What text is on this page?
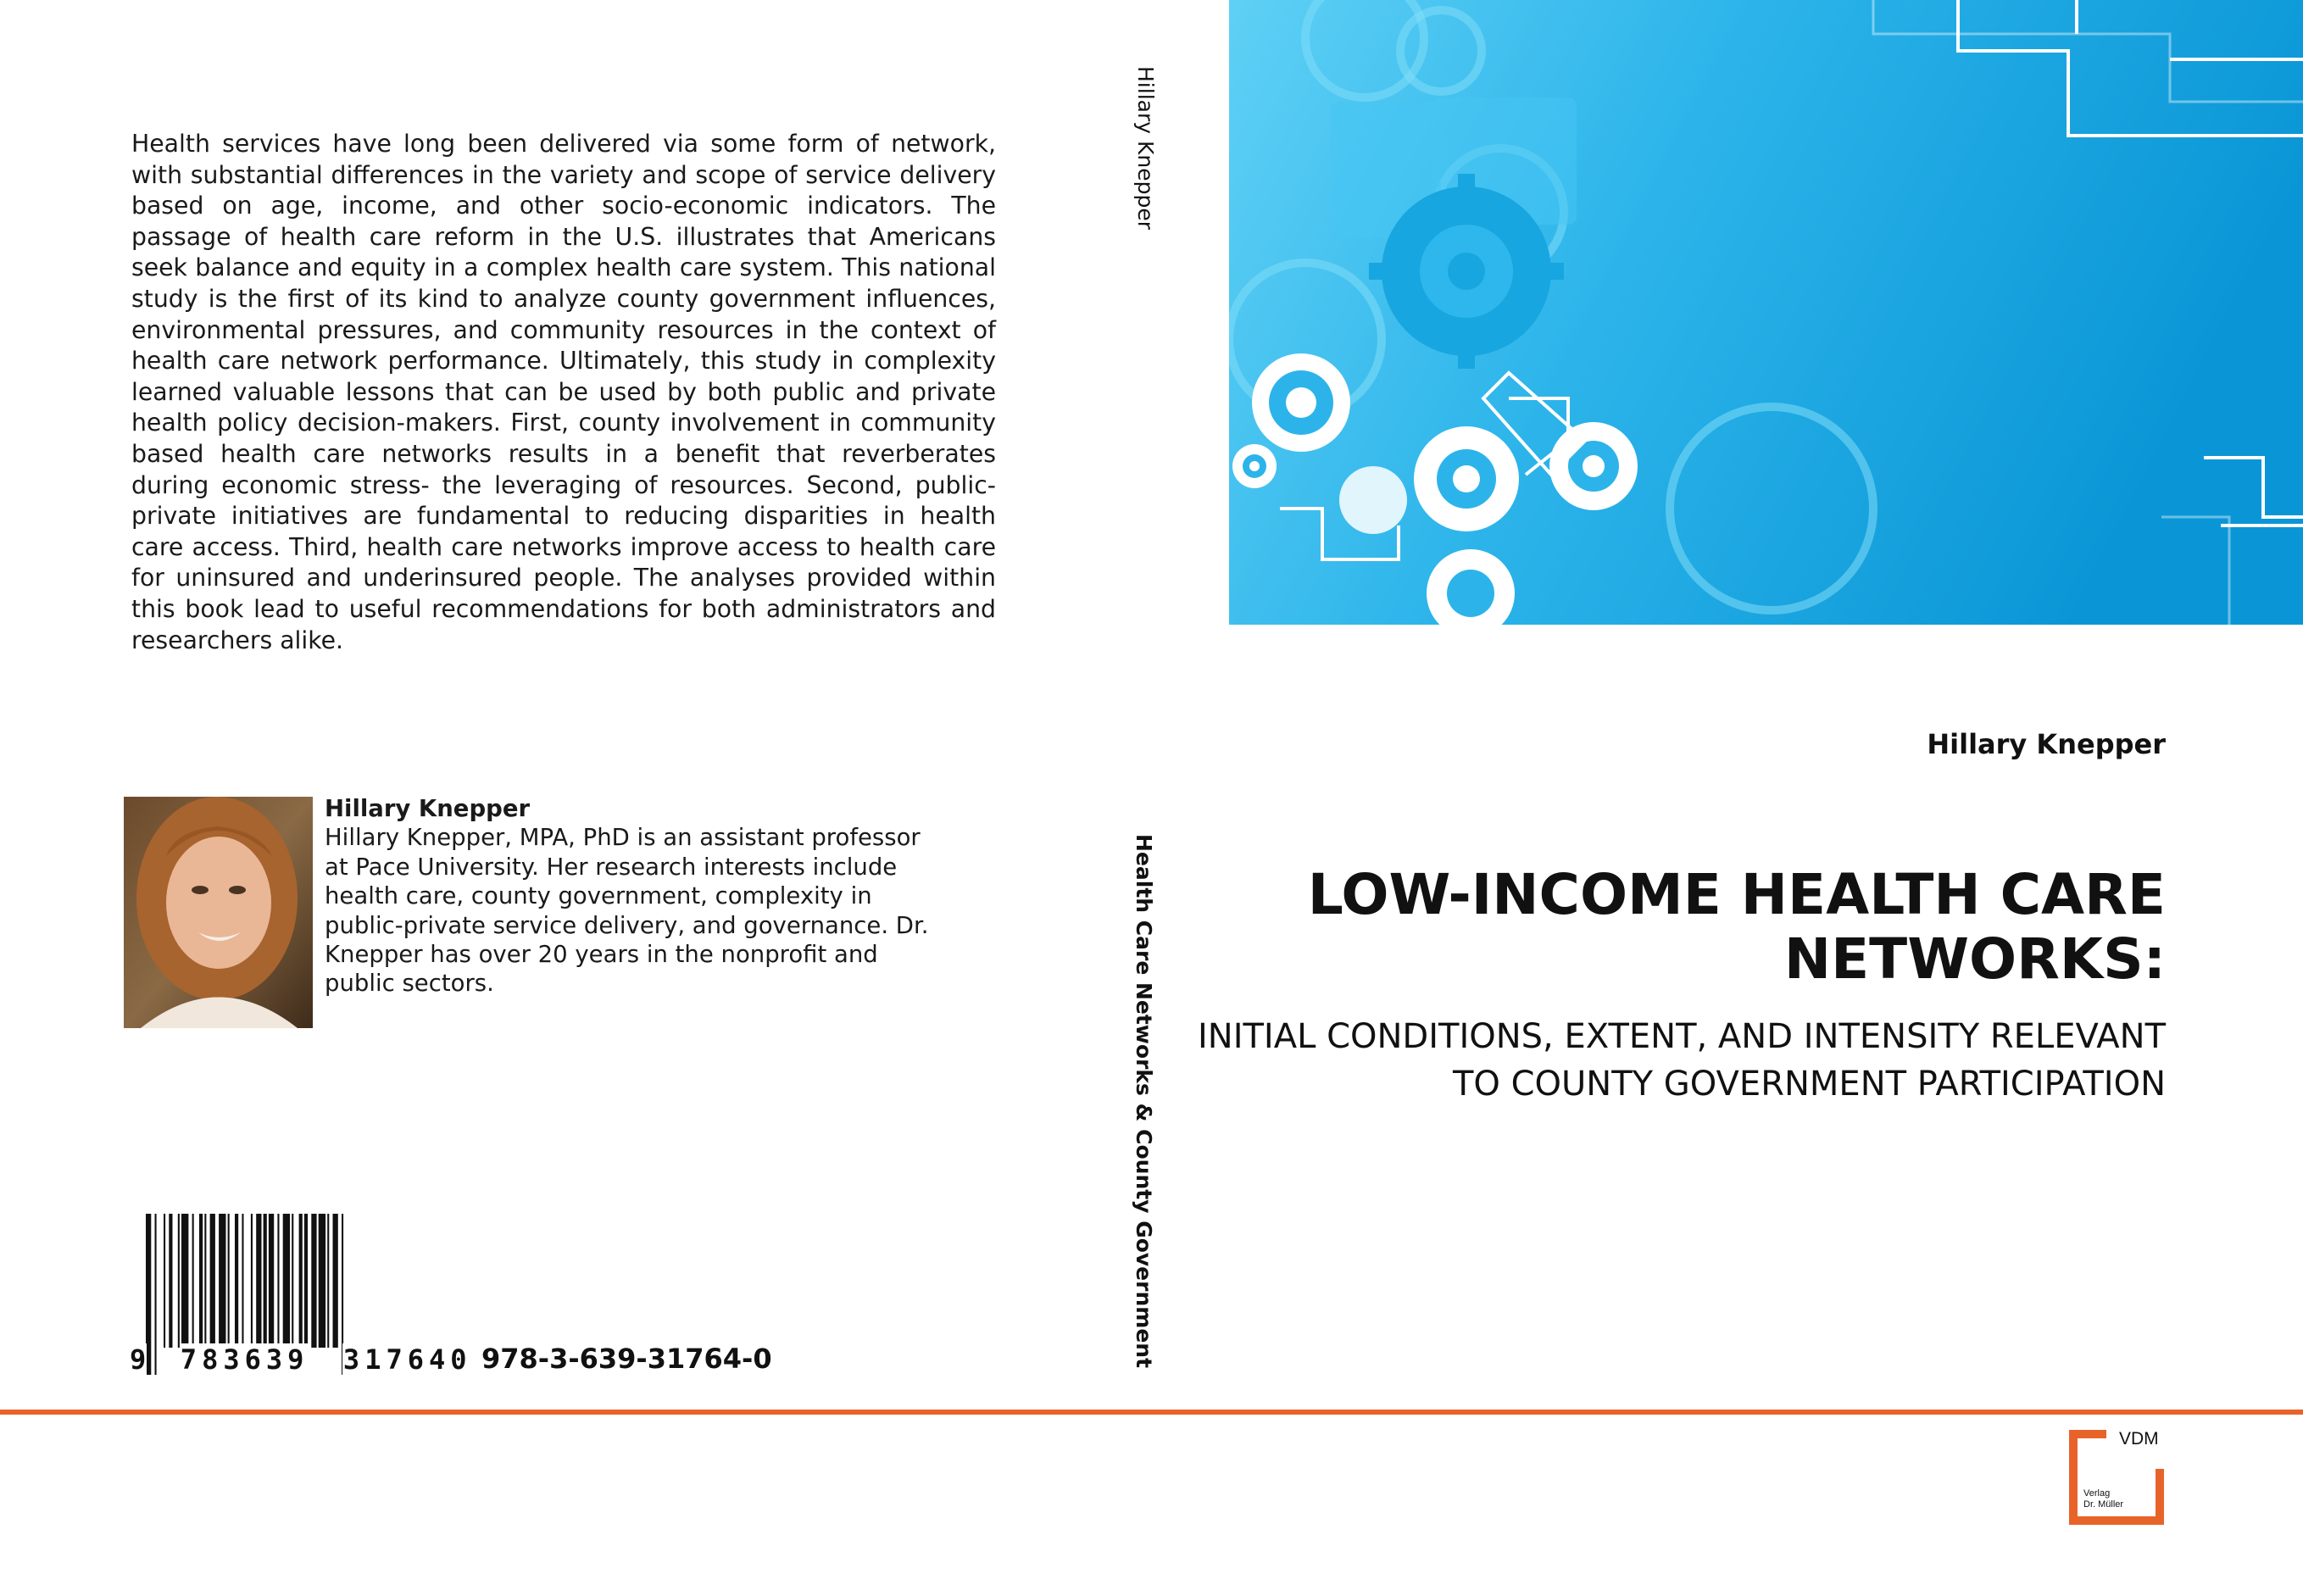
Health services have long been delivered via some form of network, with substantial differences in the variety and scope of service delivery based on age, income, and other socio-economic indicators. The passage of health care reform in the U.S. illustrates that Americans seek balance and equity in a complex health care system. This national study is the first of its kind to analyze county government influences, environmental pressures, and community resources in the context of health care network performance. Ultimately, this study in complexity learned valuable lessons that can be used by both public and private health policy decision-makers. First, county involvement in community based health care networks results in a benefit that reverberates during economic stress- the leveraging of resources. Second, public-private initiatives are fundamental to reducing disparities in health care access. Third, health care networks improve access to health care for uninsured and underinsured people. The analyses provided within this book lead to useful recommendations for both administrators and researchers alike.
Hillary Knepper
Hillary Knepper, MPA, PhD is an assistant professor at Pace University. Her research interests include health care, county government, complexity in public-private service delivery, and governance. Dr. Knepper has over 20 years in the nonprofit and public sectors.
9 783639 317640 978-3-639-31764-0
Hillary Knepper
Health Care Networks & County Government
Hillary Knepper
LOW-INCOME HEALTH CARE NETWORKS:
INITIAL CONDITIONS, EXTENT, AND INTENSITY RELEVANT TO COUNTY GOVERNMENT PARTICIPATION
VDM
Verlag
Dr. Müller
